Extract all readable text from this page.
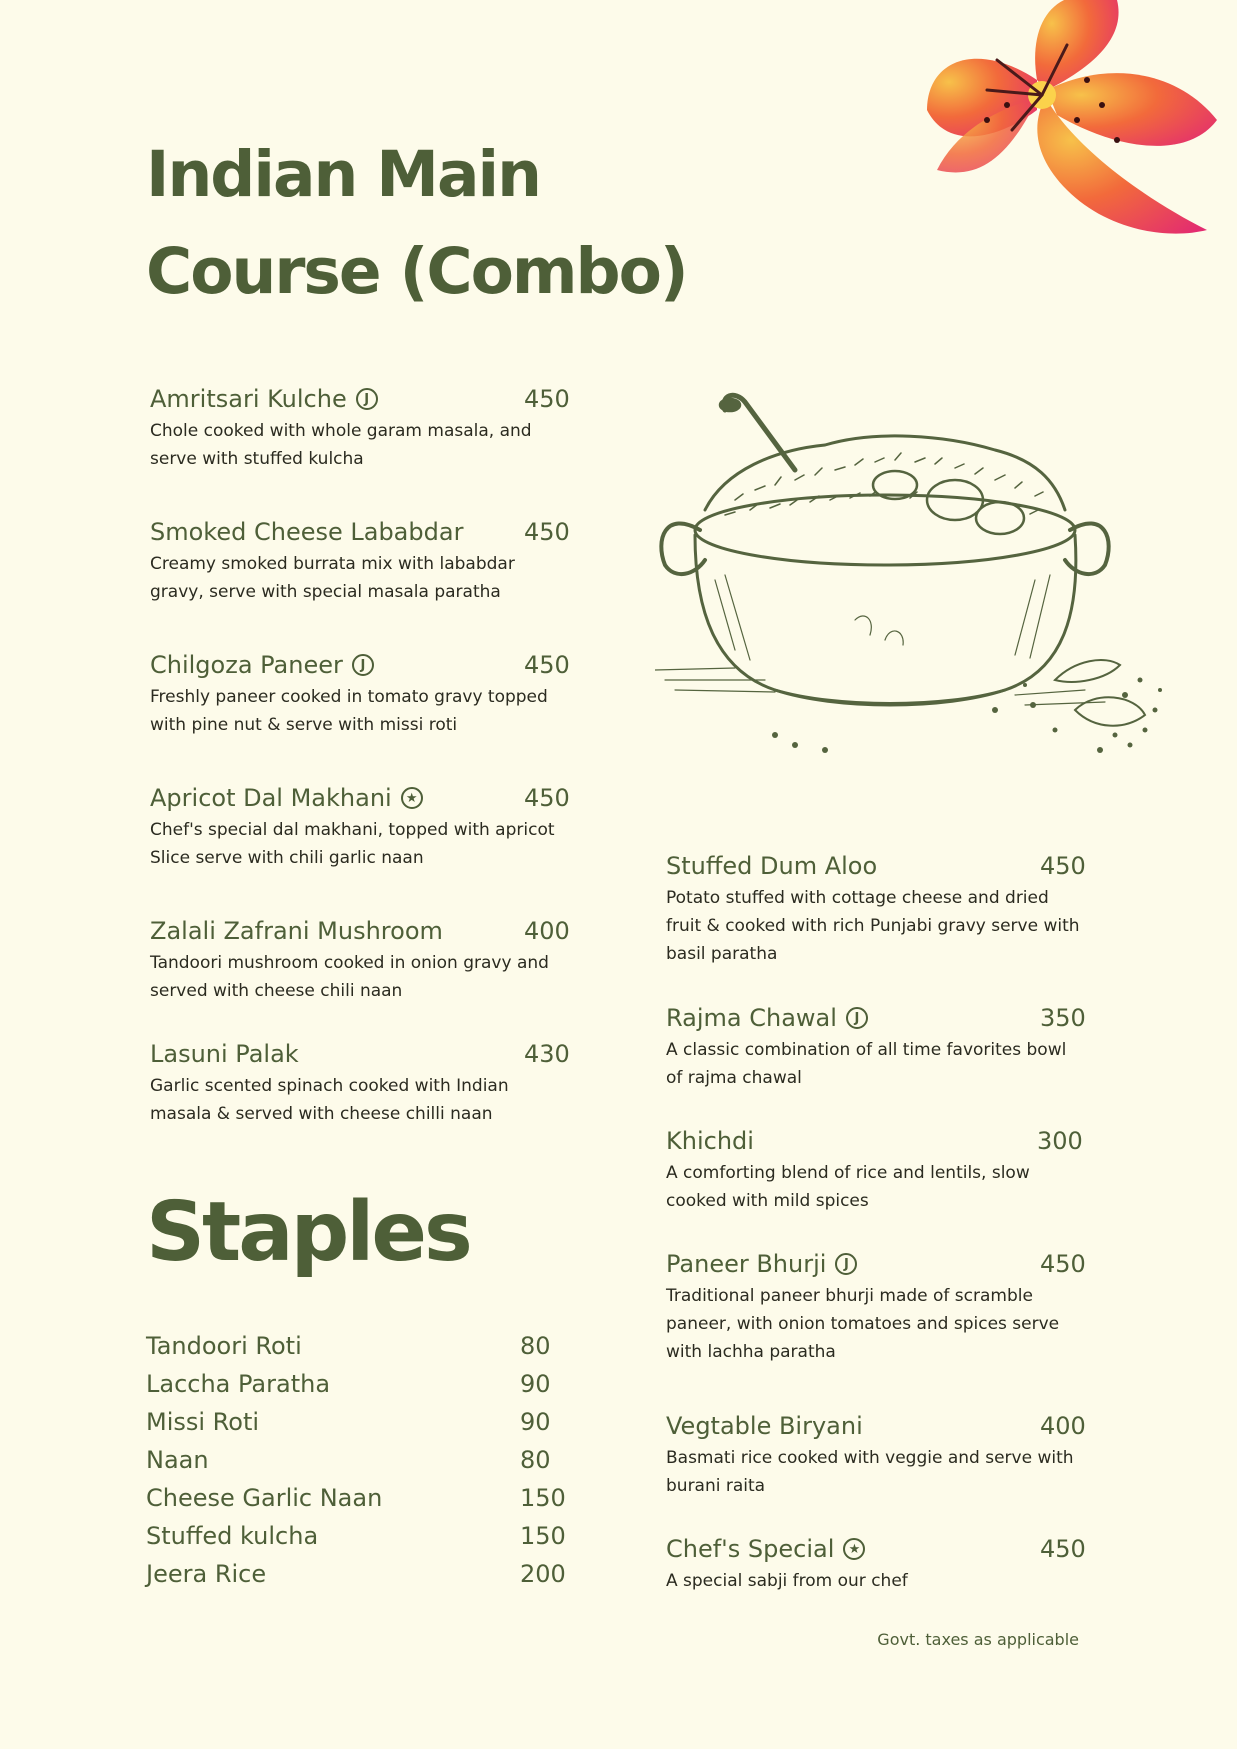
Indian Main
Course (Combo)
Amritsari Kulche	J	450
Chole cooked with whole garam masala, and serve with stuffed kulcha
Smoked Cheese Lababdar	450
Creamy smoked burrata mix with lababdar gravy, serve with special masala paratha
Chilgoza Paneer	J	450
Freshly paneer cooked in tomato gravy topped with pine nut & serve with missi roti
Apricot Dal Makhani	★	450
Chef's special dal makhani, topped with apricot Slice serve with chili garlic naan
Zalali Zafrani Mushroom	400
Tandoori mushroom cooked in onion gravy and served with cheese chili naan
Lasuni Palak	430
Garlic scented spinach cooked with Indian masala & served with cheese chilli naan
Staples
Tandoori Roti	80
Laccha Paratha	90
Missi Roti	90
Naan	80
Cheese Garlic Naan	150
Stuffed kulcha	150
Jeera Rice	200
Stuffed Dum Aloo	450
Potato stuffed with cottage cheese and dried fruit & cooked with rich Punjabi gravy serve with basil paratha
Rajma Chawal	J	350
A classic combination of all time favorites bowl of rajma chawal
Khichdi	300
A comforting blend of rice and lentils, slow cooked with mild spices
Paneer Bhurji	J	450
Traditional paneer bhurji made of scramble paneer, with onion tomatoes and spices serve with lachha paratha
Vegtable Biryani	400
Basmati rice cooked with veggie and serve with burani raita
Chef's Special	★	450
A special sabji from our chef
Govt. taxes as applicable
